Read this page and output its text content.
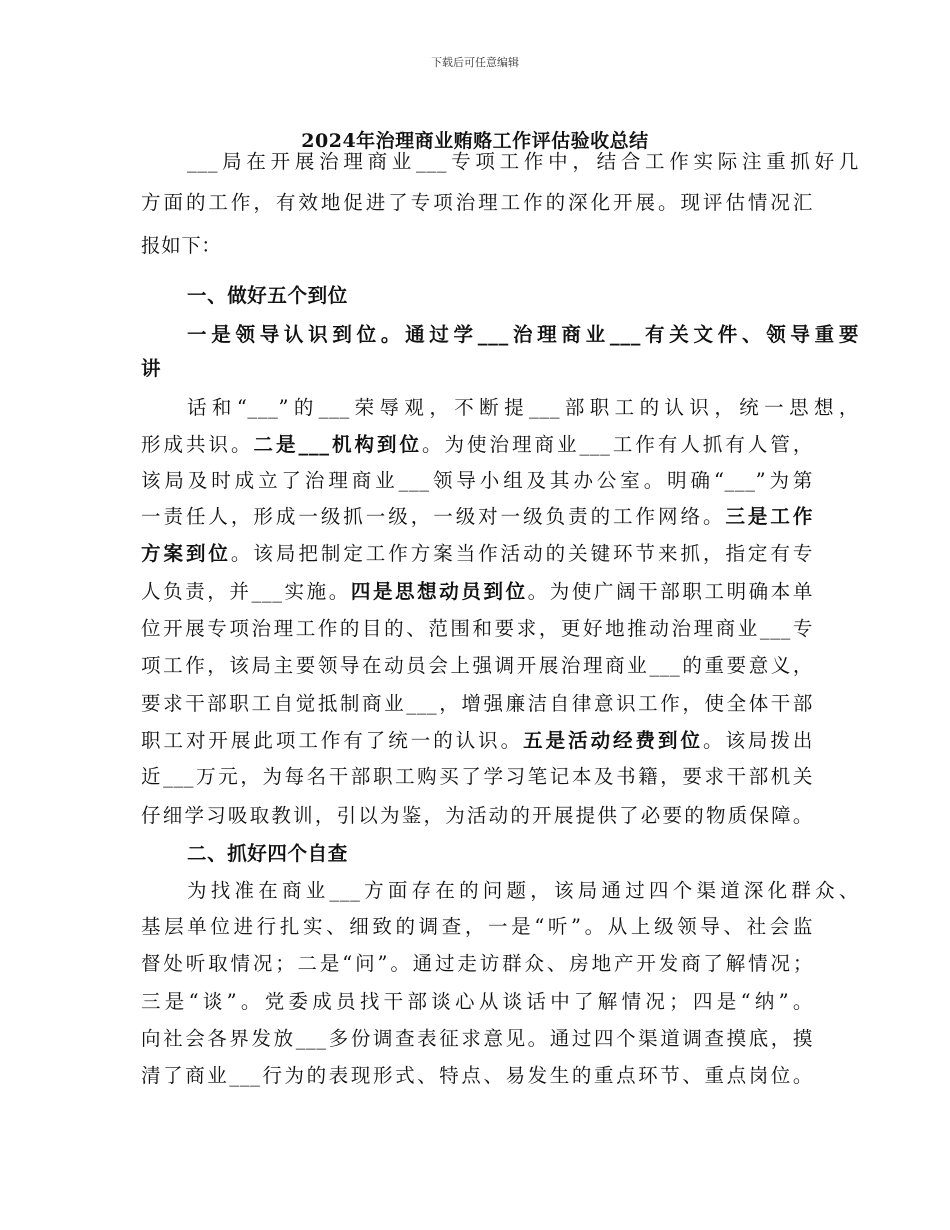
下载后可任意编辑
2024年治理商业贿赂工作评估验收总结
___局在开展治理商业___专项工作中，结合工作实际注重抓好几
方面的工作，有效地促进了专项治理工作的深化开展。现评估情况汇
报如下：
一、做好五个到位
一是领导认识到位。通过学___治理商业___有关文件、领导重要
讲
话和“___”的___荣辱观，不断提___部职工的认识，统一思想，
形成共识。二是___机构到位。为使治理商业___工作有人抓有人管，
该局及时成立了治理商业___领导小组及其办公室。明确“___”为第
一责任人，形成一级抓一级，一级对一级负责的工作网络。三是工作
方案到位。该局把制定工作方案当作活动的关键环节来抓，指定有专
人负责，并___实施。四是思想动员到位。为使广阔干部职工明确本单
位开展专项治理工作的目的、范围和要求，更好地推动治理商业___专
项工作，该局主要领导在动员会上强调开展治理商业___的重要意义，
要求干部职工自觉抵制商业___，增强廉洁自律意识工作，使全体干部
职工对开展此项工作有了统一的认识。五是活动经费到位。该局拨出
近___万元，为每名干部职工购买了学习笔记本及书籍，要求干部机关
仔细学习吸取教训，引以为鉴，为活动的开展提供了必要的物质保障。
二、抓好四个自查
为找准在商业___方面存在的问题，该局通过四个渠道深化群众、
基层单位进行扎实、细致的调查，一是“听”。从上级领导、社会监
督处听取情况；二是“问”。通过走访群众、房地产开发商了解情况；
三是“谈”。党委成员找干部谈心从谈话中了解情况；四是“纳”。
向社会各界发放___多份调查表征求意见。通过四个渠道调查摸底，摸
清了商业___行为的表现形式、特点、易发生的重点环节、重点岗位。
